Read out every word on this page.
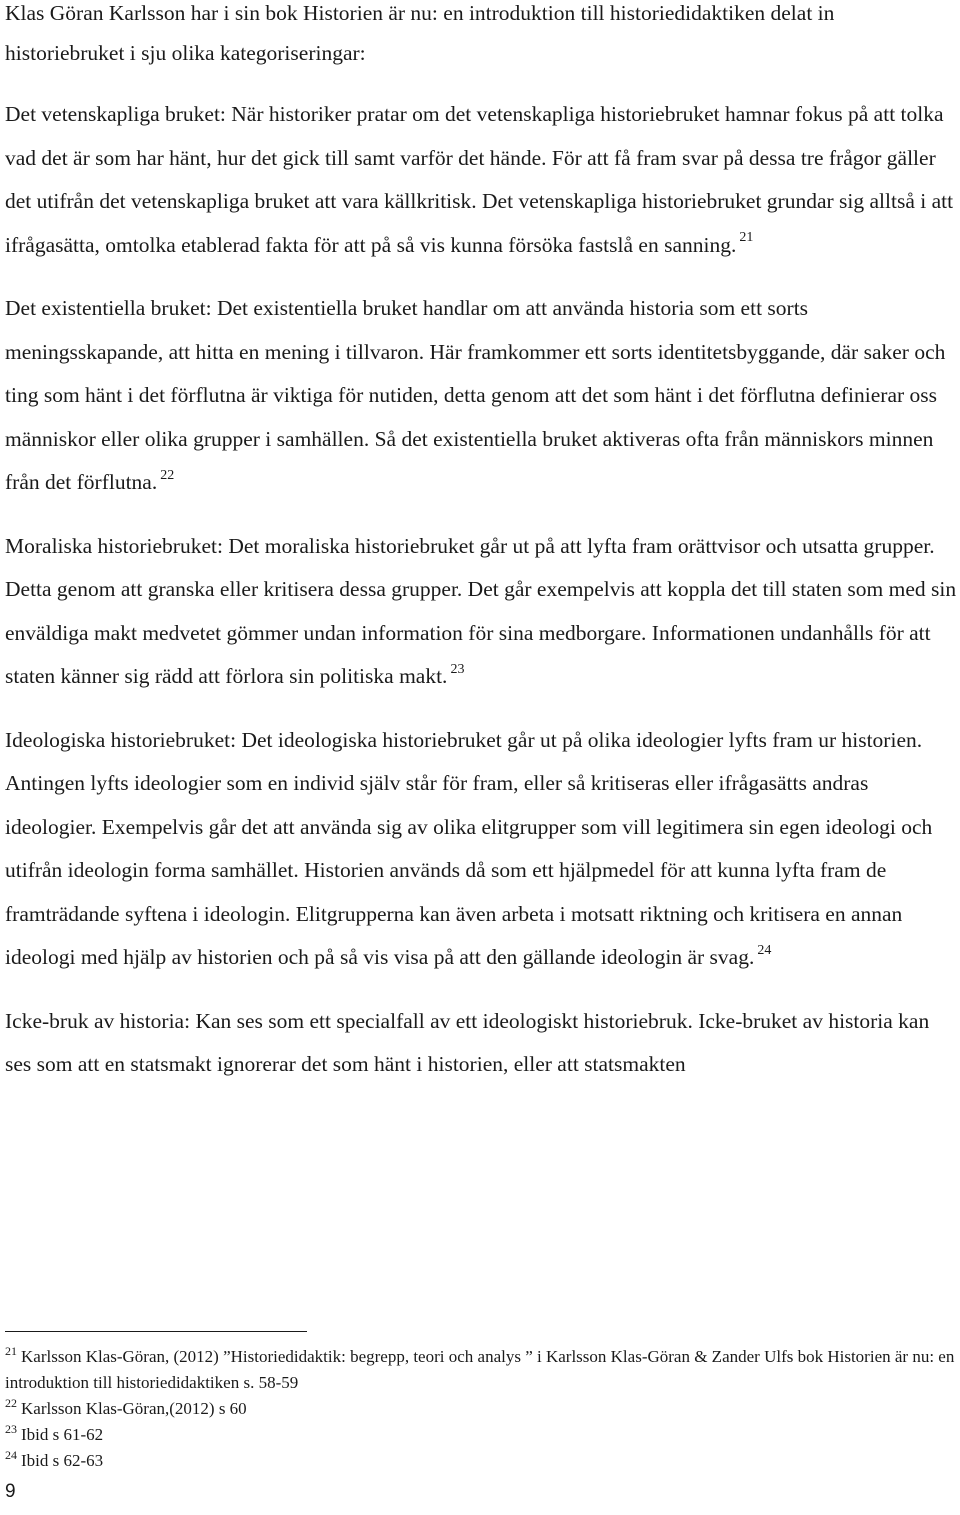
Klas Göran Karlsson har i sin bok Historien är nu: en introduktion till historiedidaktiken delat in historiebruket i sju olika kategoriseringar:

Det vetenskapliga bruket: När historiker pratar om det vetenskapliga historiebruket hamnar fokus på att tolka vad det är som har hänt, hur det gick till samt varför det hände. För att få fram svar på dessa tre frågor gäller det utifrån det vetenskapliga bruket att vara källkritisk. Det vetenskapliga historiebruket grundar sig alltså i att ifrågasätta, omtolka etablerad fakta för att på så vis kunna försöka fastslå en sanning. $^{21}$

Det existentiella bruket: Det existentiella bruket handlar om att använda historia som ett sorts meningsskapande, att hitta en mening i tillvaron. Här framkommer ett sorts identitetsbyggande, där saker och ting som hänt i det förflutna är viktiga för nutiden, detta genom att det som hänt i det förflutna definierar oss människor eller olika grupper i samhällen. Så det existentiella bruket aktiveras ofta från människors minnen från det förflutna. $^{22}$

Moraliska historiebruket: Det moraliska historiebruket går ut på att lyfta fram orättvisor och utsatta grupper. Detta genom att granska eller kritisera dessa grupper. Det går exempelvis att koppla det till staten som med sin enväldiga makt medvetet gömmer undan information för sina medborgare. Informationen undanhålls för att staten känner sig rädd att förlora sin politiska makt. $^{23}$

Ideologiska historiebruket: Det ideologiska historiebruket går ut på olika ideologier lyfts fram ur historien. Antingen lyfts ideologier som en individ själv står för fram, eller så kritiseras eller ifrågasätts andras ideologier. Exempelvis går det att använda sig av olika elitgrupper som vill legitimera sin egen ideologi och utifrån ideologin forma samhället. Historien används då som ett hjälpmedel för att kunna lyfta fram de framträdande syftena i ideologin. Elitgrupperna kan även arbeta i motsatt riktning och kritisera en annan ideologi med hjälp av historien och på så vis visa på att den gällande ideologin är svag. $^{24}$

Icke-bruk av historia: Kan ses som ett specialfall av ett ideologiskt historiebruk. Icke-bruket av historia kan ses som att en statsmakt ignorerar det som hänt i historien, eller att statsmakten

$^{21}$ Karlsson Klas-Göran, (2012) ”Historiedidaktik: begrepp, teori och analys ” i Karlsson Klas-Göran & Zander Ulfs bok Historien är nu: en introduktion till historiedidaktiken s. 58-59

$^{22}$ Karlsson Klas-Göran,(2012) s 60

$^{23}$ Ibid s 61-62

$^{24}$ Ibid s 62-63

9
